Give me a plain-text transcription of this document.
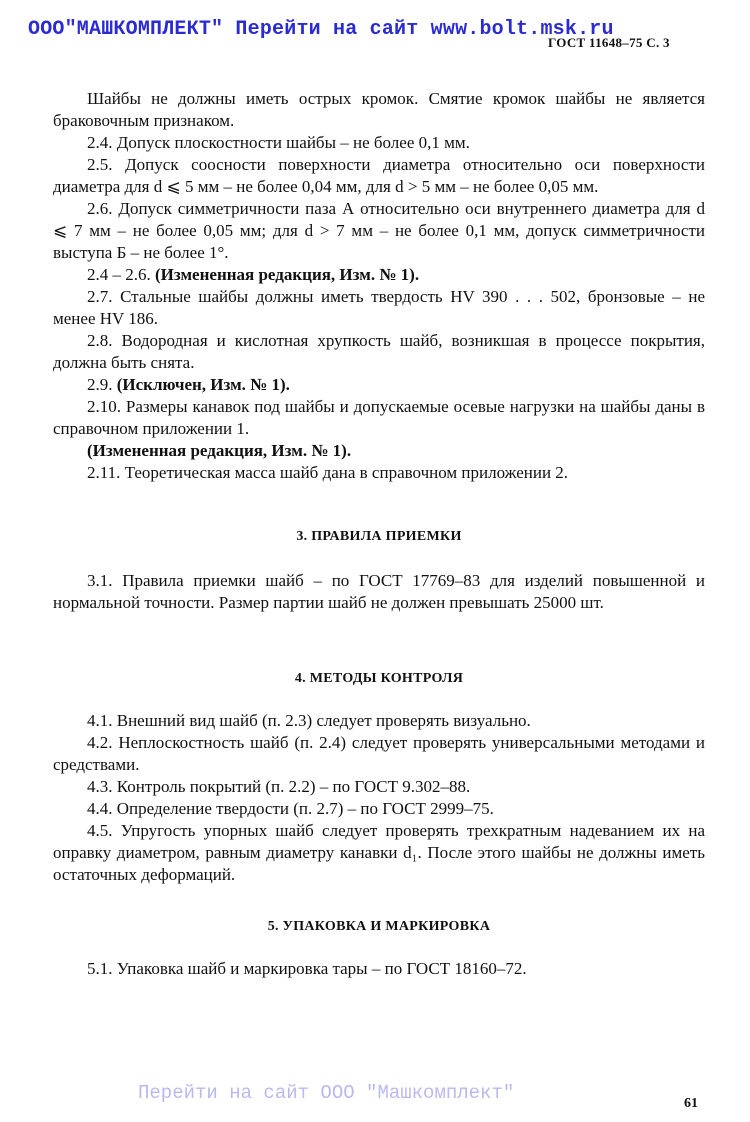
ООО"МАШКОМПЛЕКТ" Перейти на сайт www.bolt.msk.ru
ГОСТ 11648–75 С. 3

Шайбы не должны иметь острых кромок. Смятие кромок шайбы не является браковочным признаком.

2.4. Допуск плоскостности шайбы – не более 0,1 мм.

2.5. Допуск соосности поверхности диаметра относительно оси поверхности диаметра для d ⩽ 5 мм – не более 0,04 мм, для d > 5 мм – не более 0,05 мм.

2.6. Допуск симметричности паза А относительно оси внутреннего диаметра для d ⩽ 7 мм – не более 0,05 мм; для d > 7 мм – не более 0,1 мм, допуск симметричности выступа Б – не более 1°.

2.4 – 2.6. (Измененная редакция, Изм. № 1).

2.7. Стальные шайбы должны иметь твердость HV 390 . . . 502, бронзовые – не менее HV 186.

2.8. Водородная и кислотная хрупкость шайб, возникшая в процессе покрытия, должна быть снята.

2.9. (Исключен, Изм. № 1).

2.10. Размеры канавок под шайбы и допускаемые осевые нагрузки на шайбы даны в справочном приложении 1.

(Измененная редакция, Изм. № 1).

2.11. Теоретическая масса шайб дана в справочном приложении 2.

3. ПРАВИЛА ПРИЕМКИ

3.1. Правила приемки шайб – по ГОСТ 17769–83 для изделий повышенной и нормальной точности. Размер партии шайб не должен превышать 25000 шт.

4. МЕТОДЫ КОНТРОЛЯ

4.1. Внешний вид шайб (п. 2.3) следует проверять визуально.

4.2. Неплоскостность шайб (п. 2.4) следует проверять универсальными методами и средствами.

4.3. Контроль покрытий (п. 2.2) – по ГОСТ 9.302–88.

4.4. Определение твердости (п. 2.7) – по ГОСТ 2999–75.

4.5. Упругость упорных шайб следует проверять трехкратным надеванием их на оправку диаметром, равным диаметру канавки d₁. После этого шайбы не должны иметь остаточных деформаций.

5. УПАКОВКА И МАРКИРОВКА

5.1. Упаковка шайб и маркировка тары – по ГОСТ 18160–72.

Перейти на сайт ООО "Машкомплект"	61
